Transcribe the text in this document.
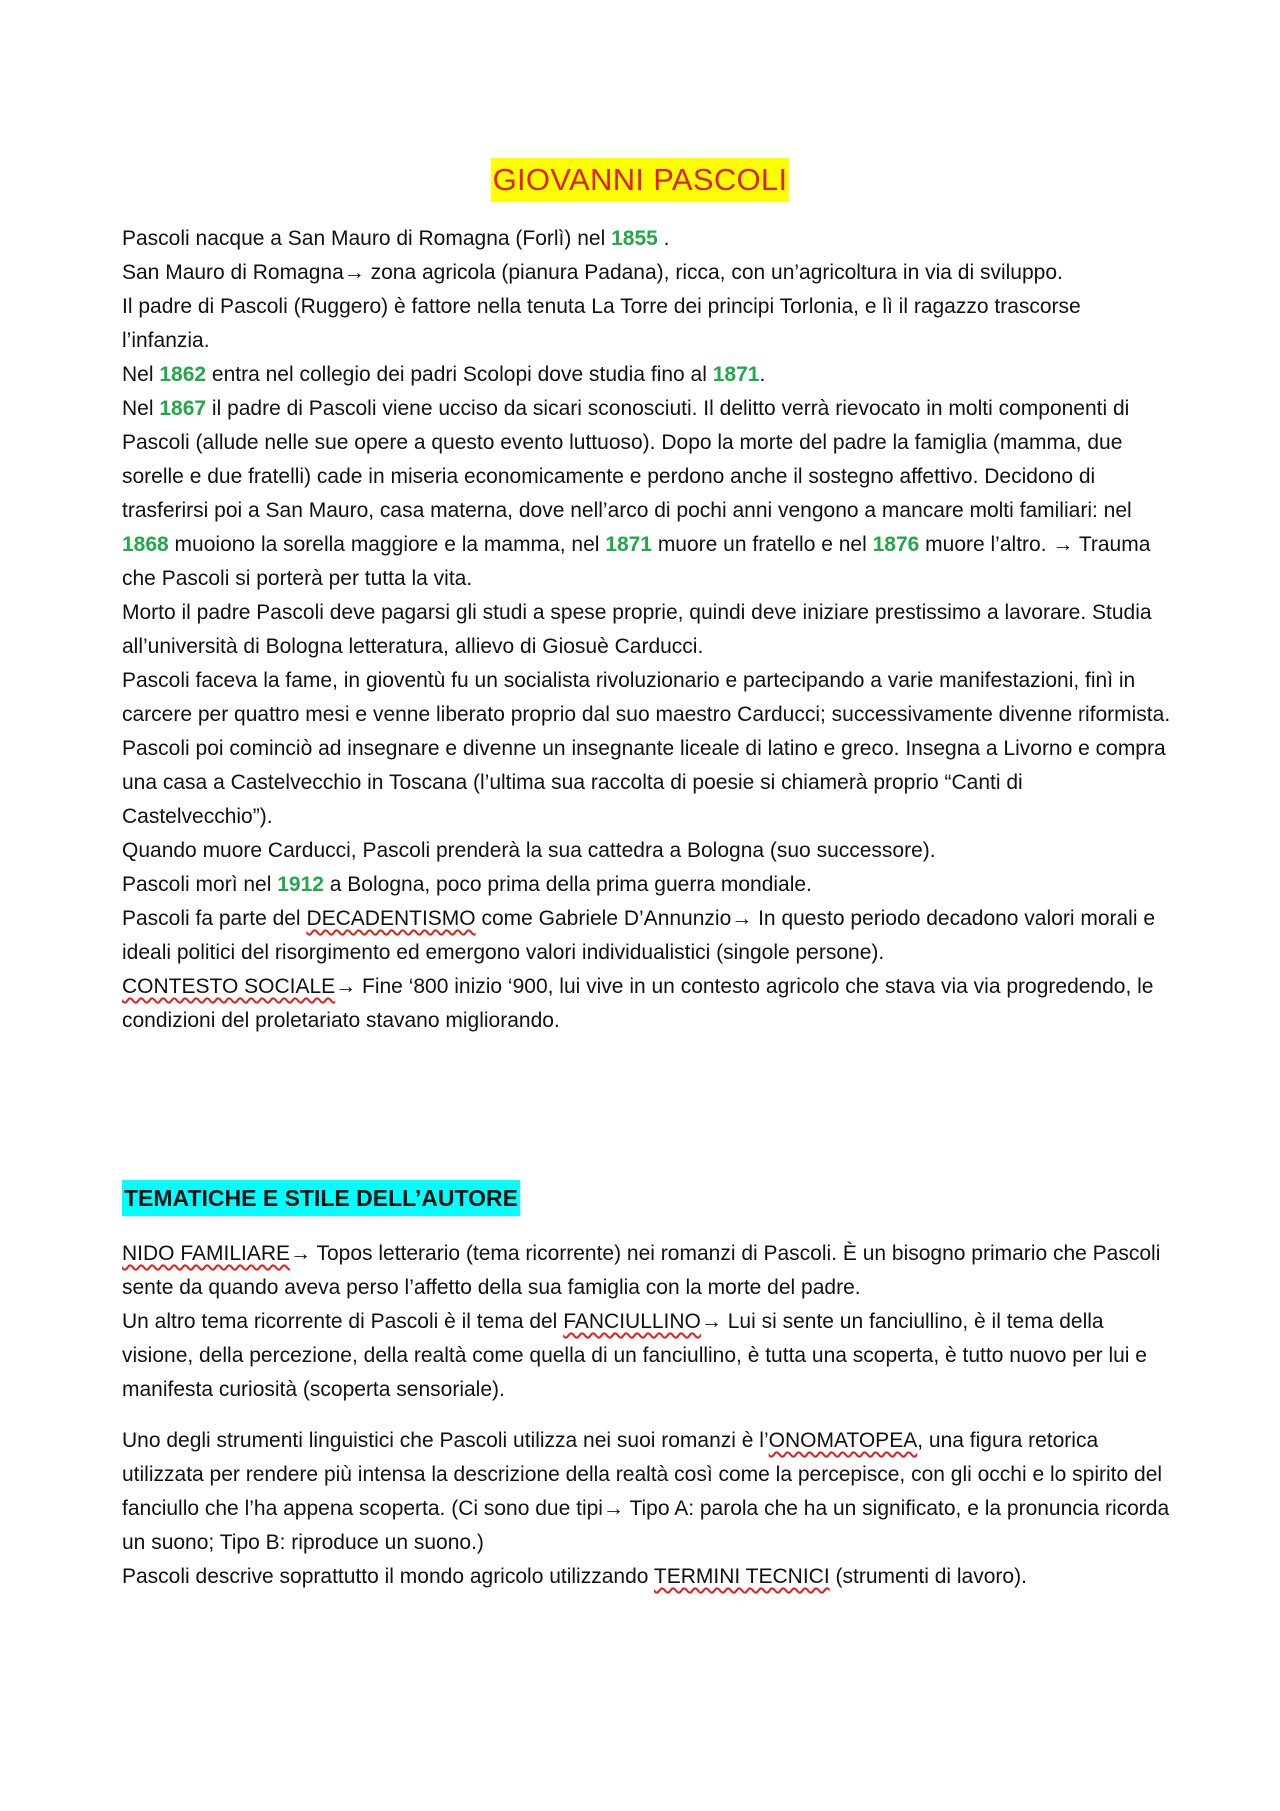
GIOVANNI PASCOLI

Pascoli nacque a San Mauro di Romagna (Forlì) nel 1855 .

San Mauro di Romagna→ zona agricola (pianura Padana), ricca, con un’agricoltura in via di sviluppo.

Il padre di Pascoli (Ruggero) è fattore nella tenuta La Torre dei principi Torlonia, e lì il ragazzo trascorse l’infanzia.

Nel 1862 entra nel collegio dei padri Scolopi dove studia fino al 1871.

Nel 1867 il padre di Pascoli viene ucciso da sicari sconosciuti. Il delitto verrà rievocato in molti componenti di Pascoli (allude nelle sue opere a questo evento luttuoso). Dopo la morte del padre la famiglia (mamma, due sorelle e due fratelli) cade in miseria economicamente e perdono anche il sostegno affettivo. Decidono di trasferirsi poi a San Mauro, casa materna, dove nell’arco di pochi anni vengono a mancare molti familiari: nel 1868 muoiono la sorella maggiore e la mamma, nel 1871 muore un fratello e nel 1876 muore l’altro. → Trauma che Pascoli si porterà per tutta la vita.

Morto il padre Pascoli deve pagarsi gli studi a spese proprie, quindi deve iniziare prestissimo a lavorare. Studia all’università di Bologna letteratura, allievo di Giosuè Carducci.

Pascoli faceva la fame, in gioventù fu un socialista rivoluzionario e partecipando a varie manifestazioni, finì in carcere per quattro mesi e venne liberato proprio dal suo maestro Carducci; successivamente divenne riformista.

Pascoli poi cominciò ad insegnare e divenne un insegnante liceale di latino e greco. Insegna a Livorno e compra una casa a Castelvecchio in Toscana (l’ultima sua raccolta di poesie si chiamerà proprio “Canti di Castelvecchio”).

Quando muore Carducci, Pascoli prenderà la sua cattedra a Bologna (suo successore).

Pascoli morì nel 1912 a Bologna, poco prima della prima guerra mondiale.

Pascoli fa parte del DECADENTISMO come Gabriele D’Annunzio→ In questo periodo decadono valori morali e ideali politici del risorgimento ed emergono valori individualistici (singole persone).

CONTESTO SOCIALE→ Fine ‘800 inizio ‘900, lui vive in un contesto agricolo che stava via via progredendo, le condizioni del proletariato stavano migliorando.

TEMATICHE E STILE DELL’AUTORE

NIDO FAMILIARE→ Topos letterario (tema ricorrente) nei romanzi di Pascoli. È un bisogno primario che Pascoli sente da quando aveva perso l’affetto della sua famiglia con la morte del padre.

Un altro tema ricorrente di Pascoli è il tema del FANCIULLINO→ Lui si sente un fanciullino, è il tema della visione, della percezione, della realtà come quella di un fanciullino, è tutta una scoperta, è tutto nuovo per lui e manifesta curiosità (scoperta sensoriale).

Uno degli strumenti linguistici che Pascoli utilizza nei suoi romanzi è l’ONOMATOPEA, una figura retorica utilizzata per rendere più intensa la descrizione della realtà così come la percepisce, con gli occhi e lo spirito del fanciullo che l’ha appena scoperta. (Ci sono due tipi→ Tipo A: parola che ha un significato, e la pronuncia ricorda un suono; Tipo B: riproduce un suono.)

Pascoli descrive soprattutto il mondo agricolo utilizzando TERMINI TECNICI (strumenti di lavoro).
